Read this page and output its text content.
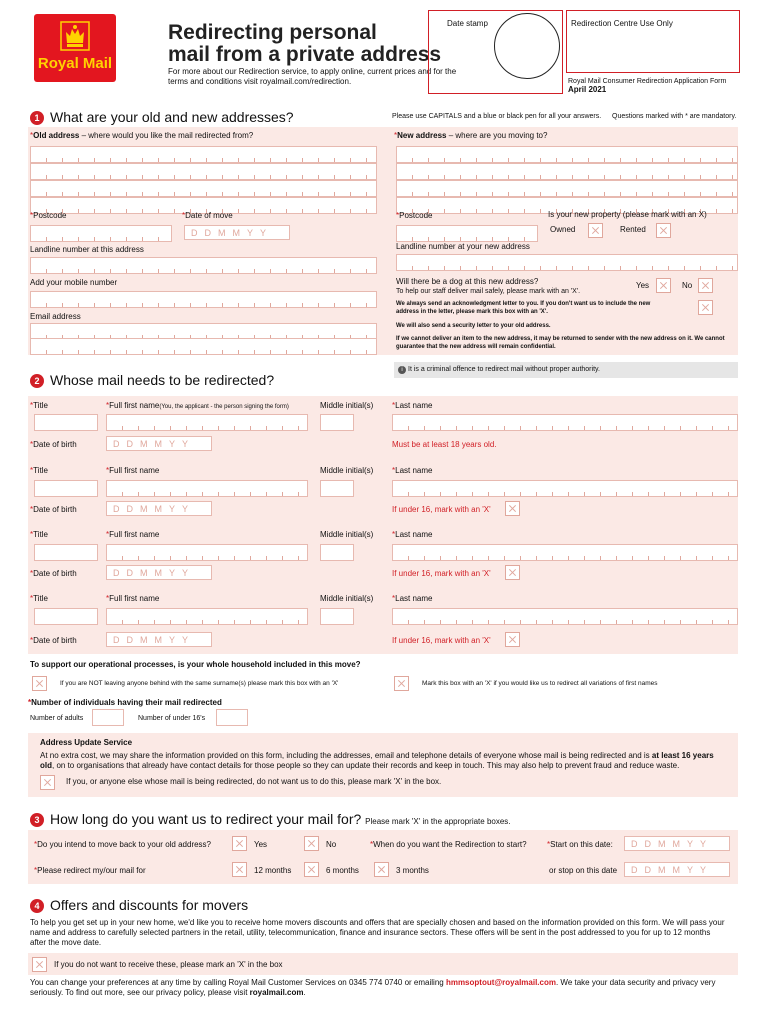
Royal Mail
Redirecting personal
mail from a private address
For more about our Redirection service, to apply online, current prices and for the terms and conditions visit royalmail.com/redirection.
Date stamp	Redirection Centre Use Only
Royal Mail Consumer Redirection Application Form
April 2021
1 What are your old and new addresses?	Please use CAPITALS and a blue or black pen for all your answers. Questions marked with * are mandatory.
*Old address – where would you like the mail redirected from?	*New address – where are you moving to?
*Postcode	*Date of move
DDMMYY
*Postcode	Is your new property (please mark with an X)
Owned	Rented
Landline number at this address	Landline number at your new address
Will there be a dog at this new address?
To help our staff deliver mail safely, please mark with an 'X'.
Yes	No
Add your mobile number
We always send an acknowledgment letter to you. If you don't want us to include the new address in the letter, please mark this box with an 'X'.
Email address
We will also send a security letter to your old address.
If we cannot deliver an item to the new address, it may be returned to sender with the new address on it. We cannot guarantee that the new address will remain confidential.
i It is a criminal offence to redirect mail without proper authority.
2 Whose mail needs to be redirected?
*Title	*Full first name(You, the applicant - the person signing the form)	Middle initial(s) *Last name
*Date of birth	DDMMYY	Must be at least 18 years old.
*Title	*Full first name	Middle initial(s) *Last name
*Date of birth	DDMMYY	If under 16, mark with an 'X'
*Title	*Full first name	Middle initial(s) *Last name
*Date of birth	DDMMYY	If under 16, mark with an 'X'
*Title	*Full first name	Middle initial(s) *Last name
*Date of birth	DDMMYY	If under 16, mark with an 'X'
To support our operational processes, is your whole household included in this move?
If you are NOT leaving anyone behind with the same surname(s) please mark this box with an 'X'	Mark this box with an 'X' if you would like us to redirect all variations of first names
*Number of individuals having their mail redirected
Number of adults	Number of under 16's
Address Update Service
At no extra cost, we may share the information provided on this form, including the addresses, email and telephone details of everyone whose mail is being redirected and is at least 16 years old, on to organisations that already have contact details for those people so they can update their records and keep in touch. This may also help to prevent fraud and reduce waste.
If you, or anyone else whose mail is being redirected, do not want us to do this, please mark 'X' in the box.
3 How long do you want us to redirect your mail for? Please mark 'X' in the appropriate boxes.
*Do you intend to move back to your old address?	Yes	No	*When do you want the Redirection to start?	*Start on this date:	DDMMYY
*Please redirect my/our mail for	12 months	6 months	3 months	or stop on this date	DDMMYY
4 Offers and discounts for movers
To help you get set up in your new home, we'd like you to receive home movers discounts and offers that are specially chosen and based on the information provided on this form. We will pass your name and address to carefully selected partners in the retail, utility, telecommunication, finance and insurance sectors. These offers will be sent in the post addressed to you for up to 12 months after the move date.
If you do not want to receive these, please mark an 'X' in the box
You can change your preferences at any time by calling Royal Mail Customer Services on 0345 774 0740 or emailing hmmsoptout@royalmail.com. We take your data security and privacy very seriously. To find out more, see our privacy policy, please visit royalmail.com.
